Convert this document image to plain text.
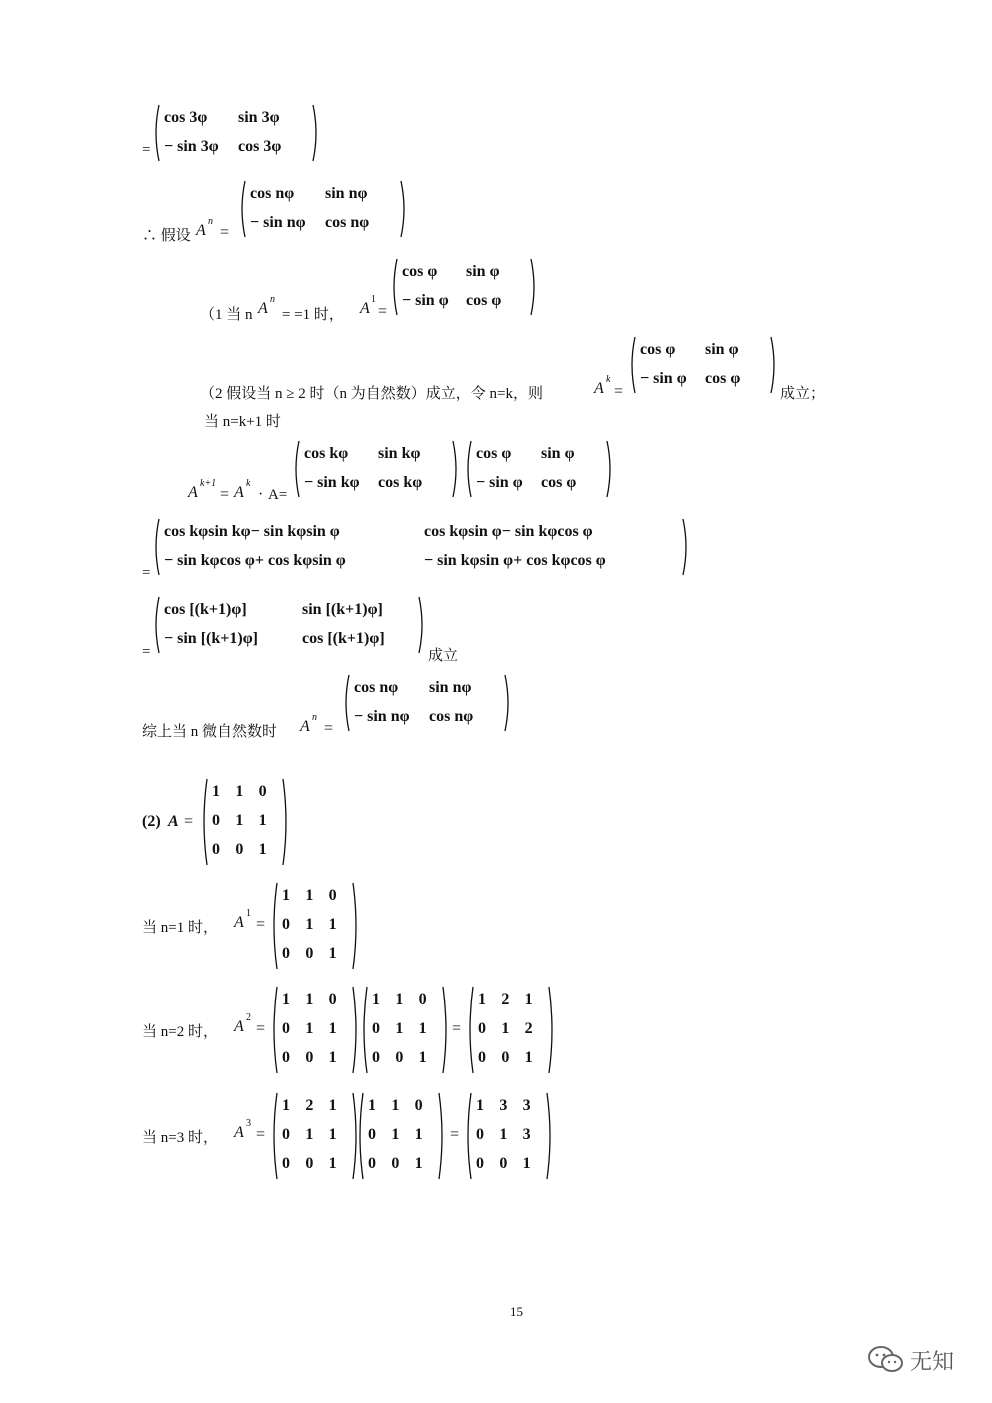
=
cos 3φ sin 3φ
− sin 3φ cos 3φ
∴ 假设 A
n
=
cos nφ sin nφ
− sin nφ cos nφ
（1 当 n A
n
= =1 时， A
1
=
cos φ sin φ
− sin φ cos φ
（2 假设当 n ≥ 2 时（n 为自然数）成立，令 n=k，则	A
k
=
cos φ sin φ
− sin φ cos φ
成立；
当 n=k+1 时
A
k+1
= A
k
· A=
cos kφ sin kφ
− sin kφ cos kφ
cos φ sin φ
− sin φ cos φ
=
cos kφsin kφ− sin kφsin φ	cos kφsin φ− sin kφcos φ
− sin kφcos φ+ cos kφsin φ	− sin kφsin φ+ cos kφcos φ
=
cos [(k+1)φ]	sin [(k+1)φ]
− sin [(k+1)φ]	cos [(k+1)φ]
成立
综上当 n 微自然数时 A
n
=
cos nφ sin nφ
− sin nφ cos nφ
(2) A =
1 1 0
0 1 1
0 0 1
当 n=1 时， A
1
=
1 1 0
0 1 1
0 0 1
当 n=2 时， A
2
=
1 1 0
0 1 1
0 0 1
1 1 0
0 1 1
0 0 1
=
1 2 1
0 1 2
0 0 1
当 n=3 时， A
3
=
1 2 1
0 1 1
0 0 1
1 1 0
0 1 1
0 0 1
=
1 3 3
0 1 3
0 0 1
15
无知
